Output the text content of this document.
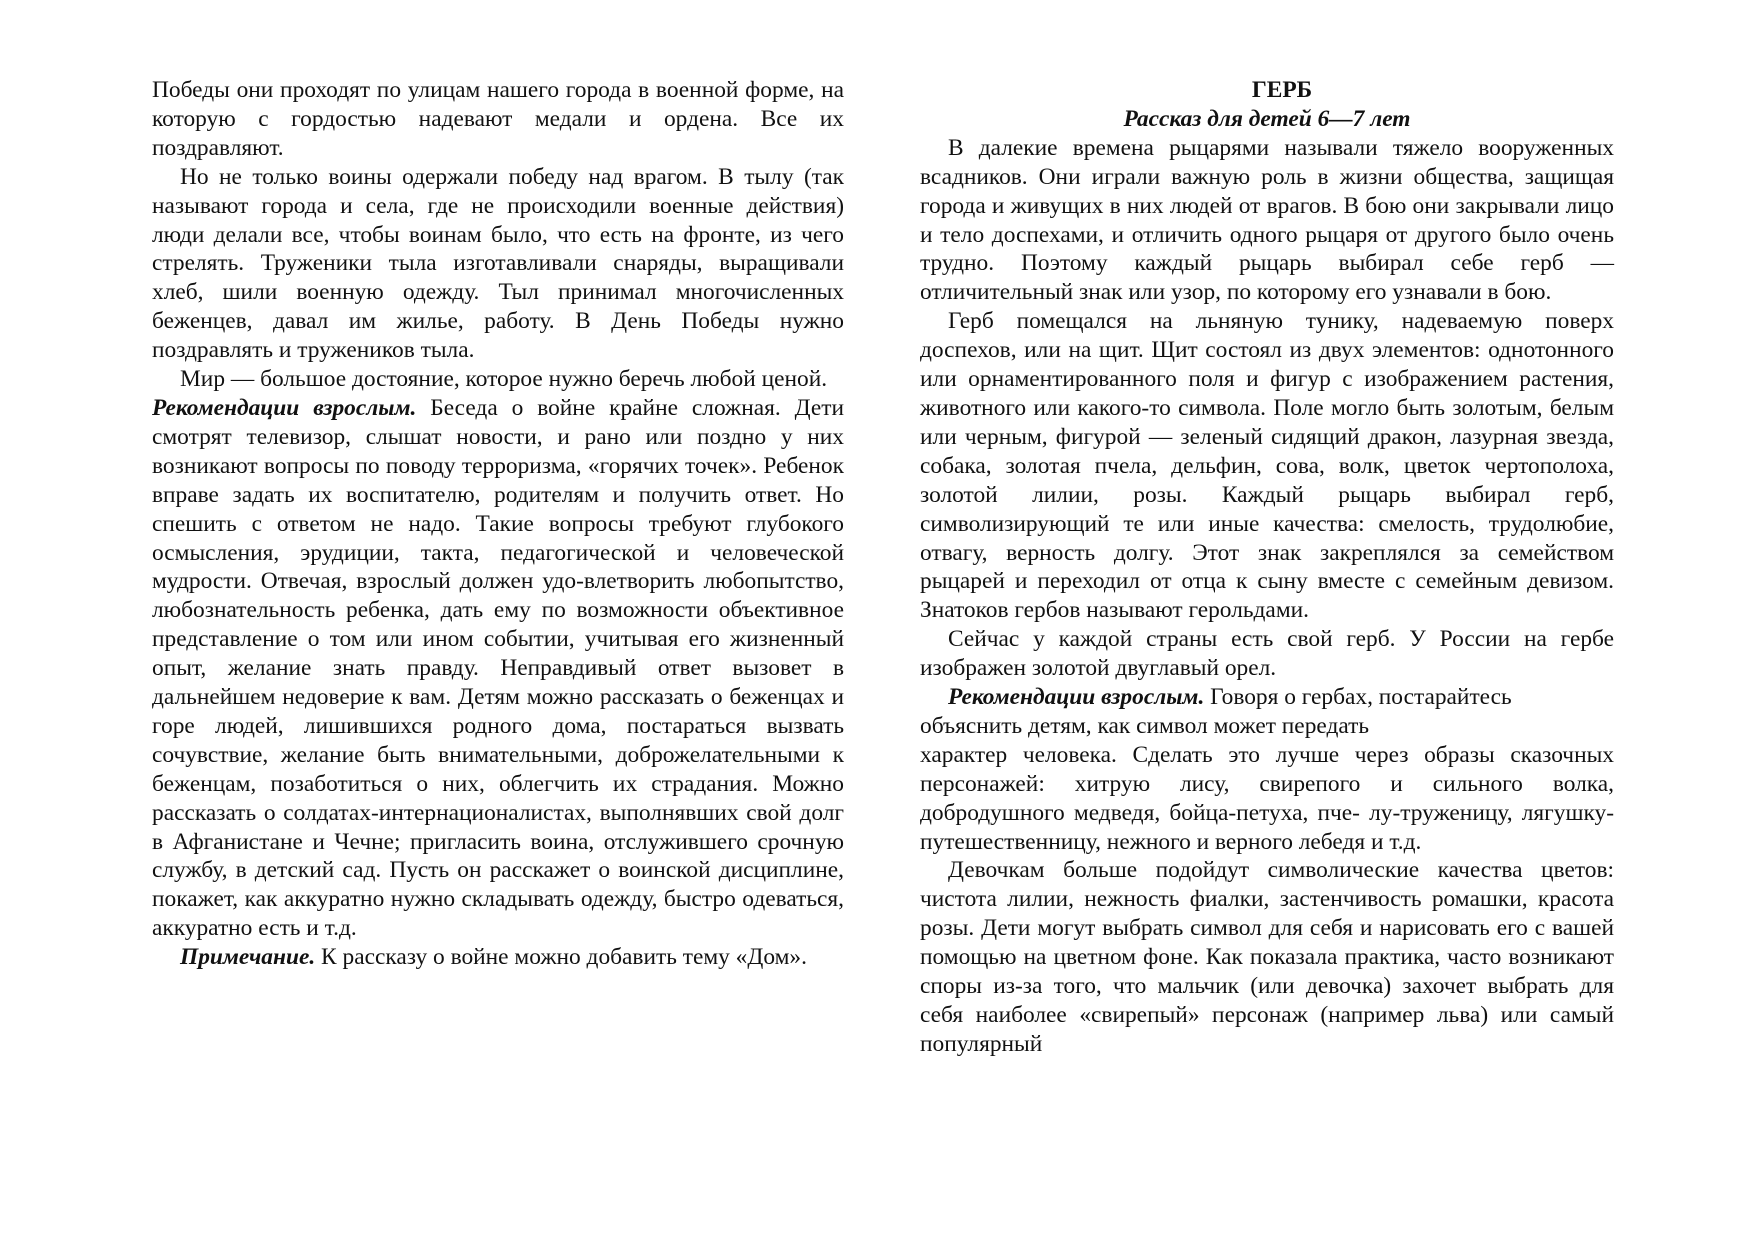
Победы они проходят по улицам нашего города в военной форме, на которую с гордостью надевают медали и ордена. Все их поздравляют.

Но не только воины одержали победу над врагом. В тылу (так называют города и села, где не происходили военные действия) люди делали все, чтобы воинам было, что есть на фронте, из чего стрелять. Труженики тыла изготавливали снаряды, выращивали хлеб, шили военную одежду. Тыл принимал многочисленных беженцев, давал им жилье, работу. В День Победы нужно поздравлять и тружеников тыла.

Мир — большое достояние, которое нужно беречь любой ценой.

Рекомендации взрослым. Беседа о войне крайне сложная. Дети смотрят телевизор, слышат новости, и рано или поздно у них возникают вопросы по поводу терроризма, «горячих точек». Ребенок вправе задать их воспитателю, родителям и получить ответ. Но спешить с ответом не надо. Такие вопросы требуют глубокого осмысления, эрудиции, такта, педагогической и человеческой мудрости. Отвечая, взрослый должен удо-влетворить любопытство, любознательность ребенка, дать ему по возможности объективное представление о том или ином событии, учитывая его жизненный опыт, желание знать правду. Неправдивый ответ вызовет в дальнейшем недоверие к вам. Детям можно рассказать о беженцах и горе людей, лишившихся родного дома, постараться вызвать сочувствие, желание быть внимательными, доброжелательными к беженцам, позаботиться о них, облегчить их страдания. Можно рассказать о солдатах-интернационалистах, выполнявших свой долг в Афганистане и Чечне; пригласить воина, отслужившего срочную службу, в детский сад. Пусть он расскажет о воинской дисциплине, покажет, как аккуратно нужно складывать одежду, быстро одеваться, аккуратно есть и т.д.

Примечание. К рассказу о войне можно добавить тему «Дом».

ГЕРБ

Рассказ для детей 6—7 лет

В далекие времена рыцарями называли тяжело вооруженных всадников. Они играли важную роль в жизни общества, защищая города и живущих в них людей от врагов. В бою они закрывали лицо и тело доспехами, и отличить одного рыцаря от другого было очень трудно. Поэтому каждый рыцарь выбирал себе герб — отличительный знак или узор, по которому его узнавали в бою.

Герб помещался на льняную тунику, надеваемую поверх доспехов, или на щит. Щит состоял из двух элементов: однотонного или орнаментированного поля и фигур с изображением растения, животного или какого-то символа. Поле могло быть золотым, белым или черным, фигурой — зеленый сидящий дракон, лазурная звезда, собака, золотая пчела, дельфин, сова, волк, цветок чертополоха, золотой лилии, розы. Каждый рыцарь выбирал герб, символизирующий те или иные качества: смелость, трудолюбие, отвагу, верность долгу. Этот знак закреплялся за семейством рыцарей и переходил от отца к сыну вместе с семейным девизом. Знатоков гербов называют герольдами.

Сейчас у каждой страны есть свой герб. У России на гербе изображен золотой двуглавый орел.

Рекомендации взрослым. Говоря о гербах, постарайтесь объяснить детям, как символ может передать

характер человека. Сделать это лучше через образы сказочных персонажей: хитрую лису, свирепого и сильного волка, добродушного медведя, бойца-петуха, пче- лу-труженицу, лягушку-путешественницу, нежного и верного лебедя и т.д.

Девочкам больше подойдут символические качества цветов: чистота лилии, нежность фиалки, застенчивость ромашки, красота розы. Дети могут выбрать символ для себя и нарисовать его с вашей помощью на цветном фоне. Как показала практика, часто возникают споры из-за того, что мальчик (или девочка) захочет выбрать для себя наиболее «свирепый» персонаж (например льва) или самый популярный
